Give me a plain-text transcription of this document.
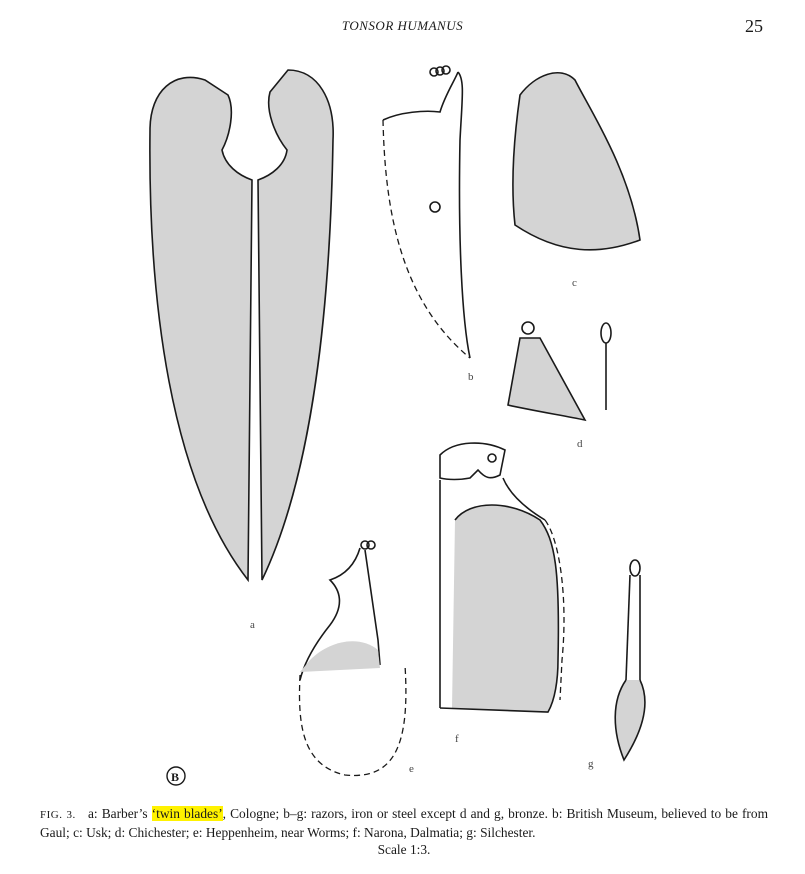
TONSOR HUMANUS	25
a
b
c
d
e
f
g
B
FIG. 3. a: Barber’s ‘twin blades’, Cologne; b–g: razors, iron or steel except d and g, bronze. b: British Museum, believed to be from Gaul; c: Usk; d: Chichester; e: Heppenheim, near Worms; f: Narona, Dalmatia; g: Silchester.
Scale 1:3.
